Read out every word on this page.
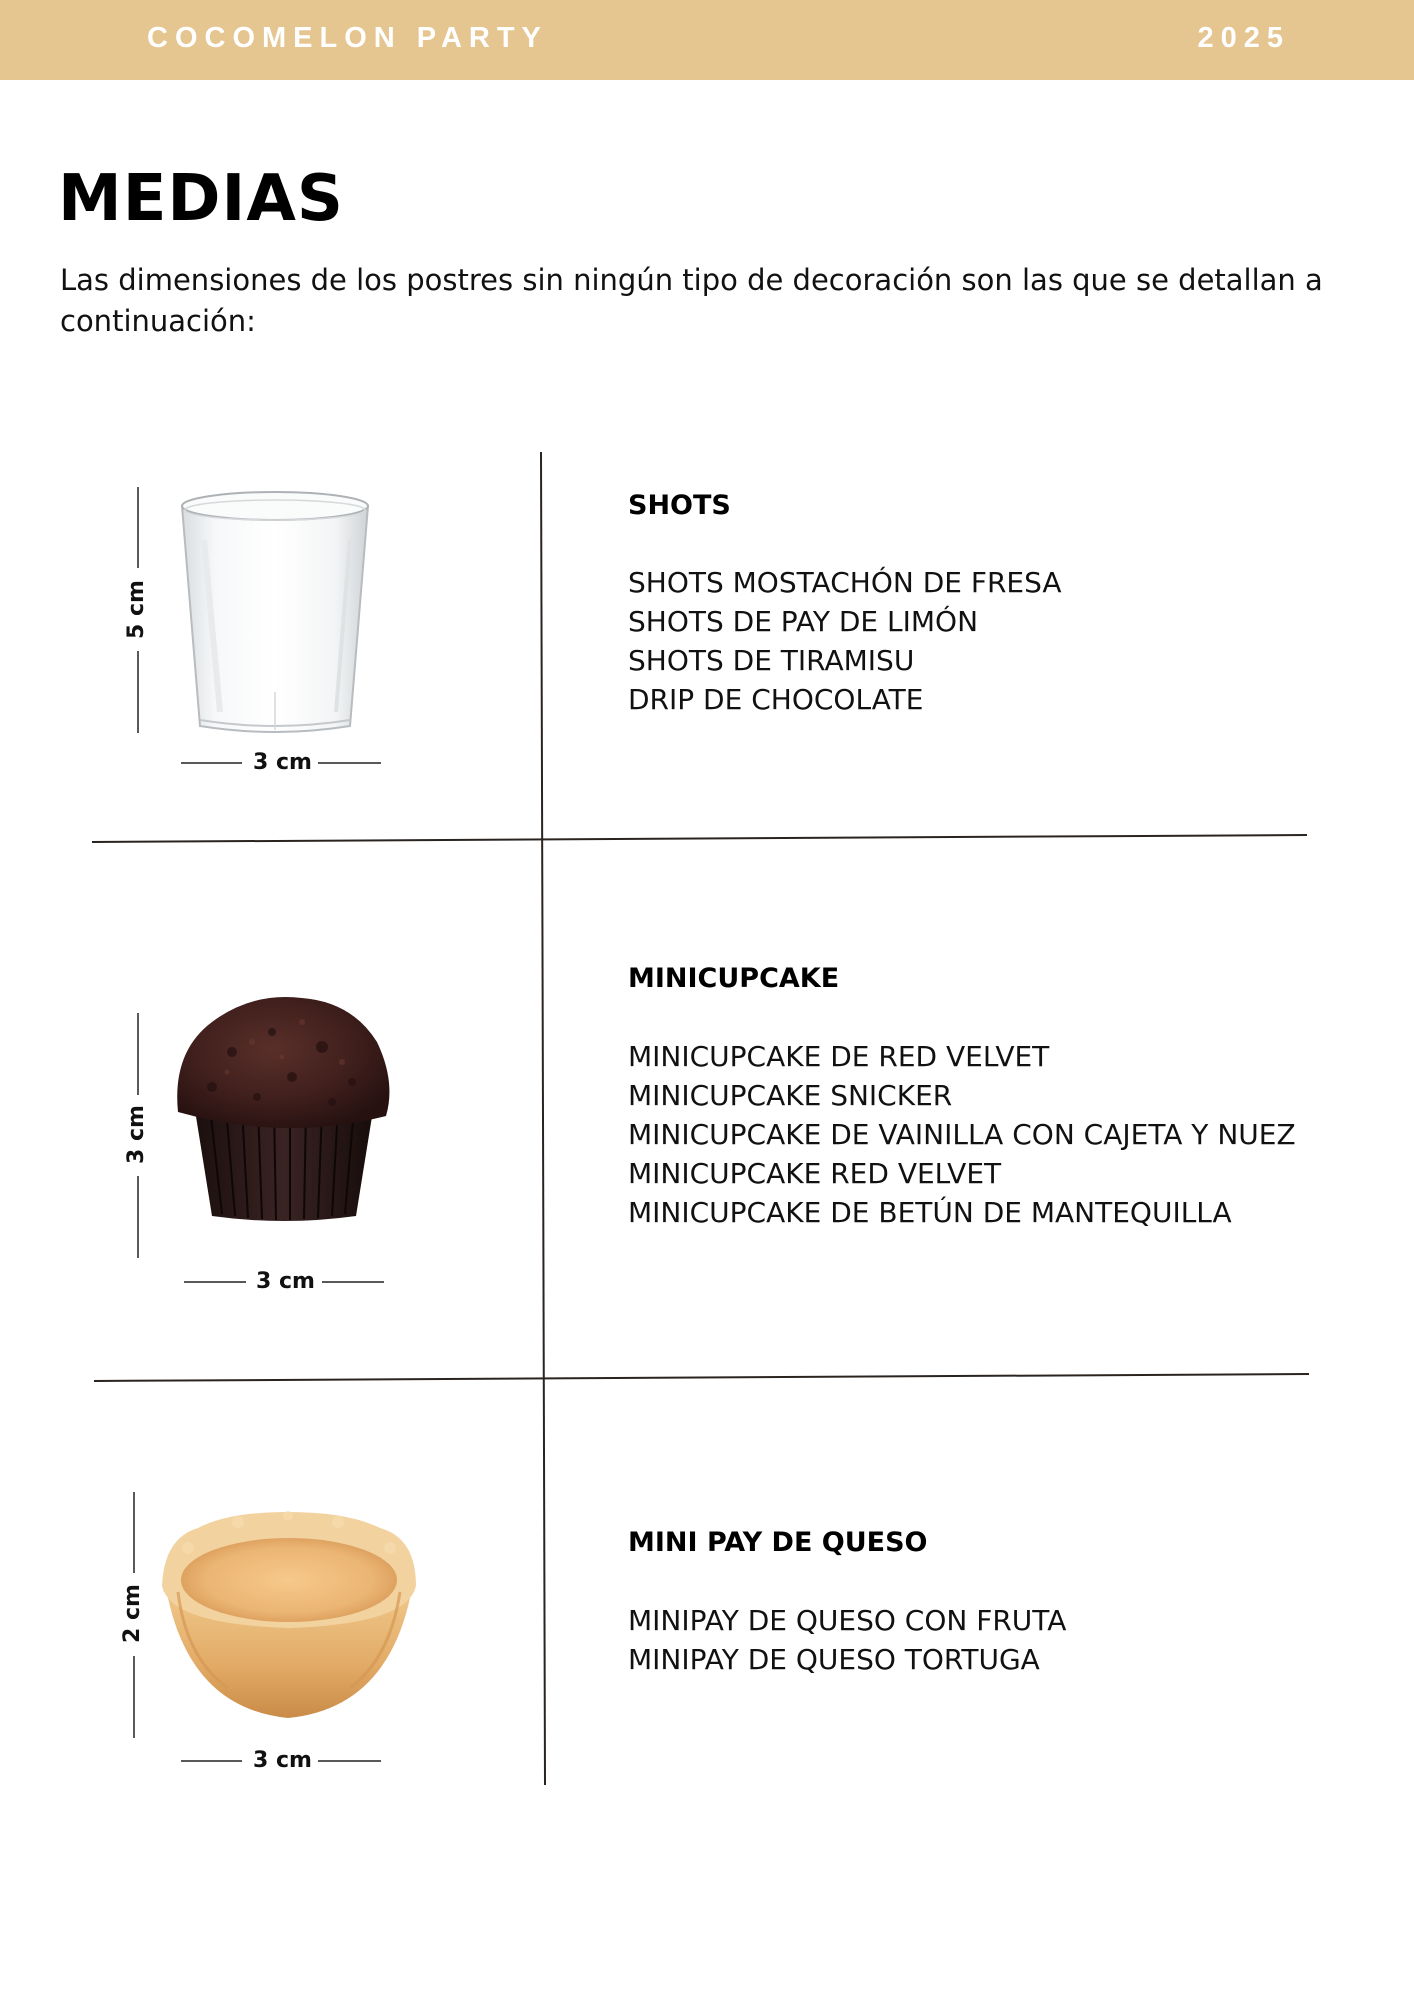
COCOMELON PARTY	2025
MEDIAS

Las dimensiones de los postres sin ningún tipo de decoración son las que se detallan a continuación:

5 cm
3 cm
SHOTS
SHOTS MOSTACHÓN DE FRESA
SHOTS DE PAY DE LIMÓN
SHOTS DE TIRAMISU
DRIP DE CHOCOLATE
3 cm
3 cm
MINICUPCAKE
MINICUPCAKE DE RED VELVET
MINICUPCAKE SNICKER
MINICUPCAKE DE VAINILLA CON CAJETA Y NUEZ
MINICUPCAKE RED VELVET
MINICUPCAKE DE BETÚN DE MANTEQUILLA
2 cm
3 cm
MINI PAY DE QUESO
MINIPAY DE QUESO CON FRUTA
MINIPAY DE QUESO TORTUGA
